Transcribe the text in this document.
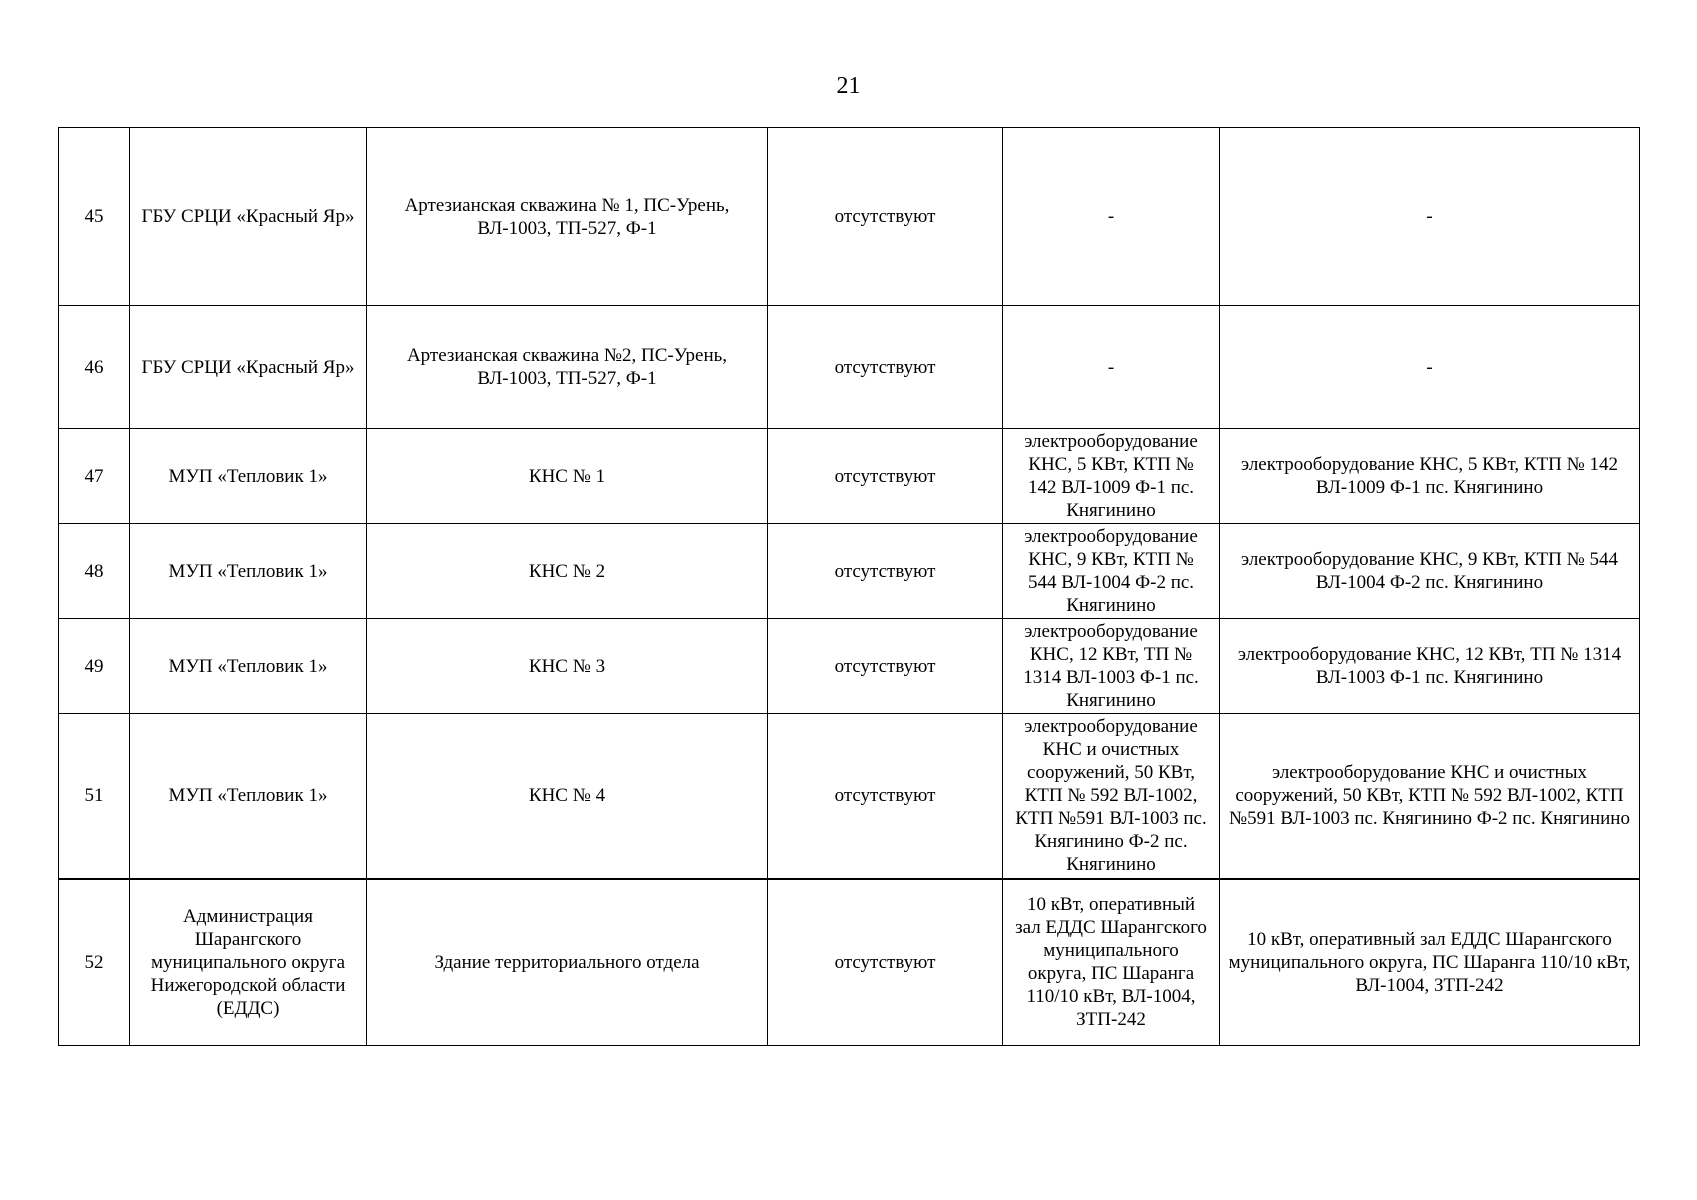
21
45	ГБУ СРЦИ «Красный Яр»	Артезианская скважина № 1, ПС-Урень, ВЛ-1003, ТП-527, Ф-1	отсутствуют	-	-
46	ГБУ СРЦИ «Красный Яр»	Артезианская скважина №2, ПС-Урень, ВЛ-1003, ТП-527, Ф-1	отсутствуют	-	-
47	МУП «Тепловик 1»	КНС № 1	отсутствуют	электрооборудование КНС, 5 КВт, КТП № 142 ВЛ-1009 Ф-1 пс. Княгинино	электрооборудование КНС, 5 КВт, КТП № 142 ВЛ-1009 Ф-1 пс. Княгинино
48	МУП «Тепловик 1»	КНС № 2	отсутствуют	электрооборудование КНС, 9 КВт, КТП № 544 ВЛ-1004 Ф-2 пс. Княгинино	электрооборудование КНС, 9 КВт, КТП № 544 ВЛ-1004 Ф-2 пс. Княгинино
49	МУП «Тепловик 1»	КНС № 3	отсутствуют	электрооборудование КНС, 12 КВт, ТП № 1314 ВЛ-1003 Ф-1 пс. Княгинино	электрооборудование КНС, 12 КВт, ТП № 1314 ВЛ-1003 Ф-1 пс. Княгинино
51	МУП «Тепловик 1»	КНС № 4	отсутствуют	электрооборудование КНС и очистных сооружений, 50 КВт, КТП № 592 ВЛ-1002, КТП №591 ВЛ-1003 пс. Княгинино Ф-2 пс. Княгинино	электрооборудование КНС и очистных сооружений, 50 КВт, КТП № 592 ВЛ-1002, КТП №591 ВЛ-1003 пс. Княгинино Ф-2 пс. Княгинино
52	Администрация Шарангского муниципального округа Нижегородской области (ЕДДС)	Здание территориального отдела	отсутствуют	10 кВт, оперативный зал ЕДДС Шарангского муниципального округа, ПС Шаранга 110/10 кВт, ВЛ-1004, ЗТП-242	10 кВт, оперативный зал ЕДДС Шарангского муниципального округа, ПС Шаранга 110/10 кВт, ВЛ-1004, ЗТП-242
